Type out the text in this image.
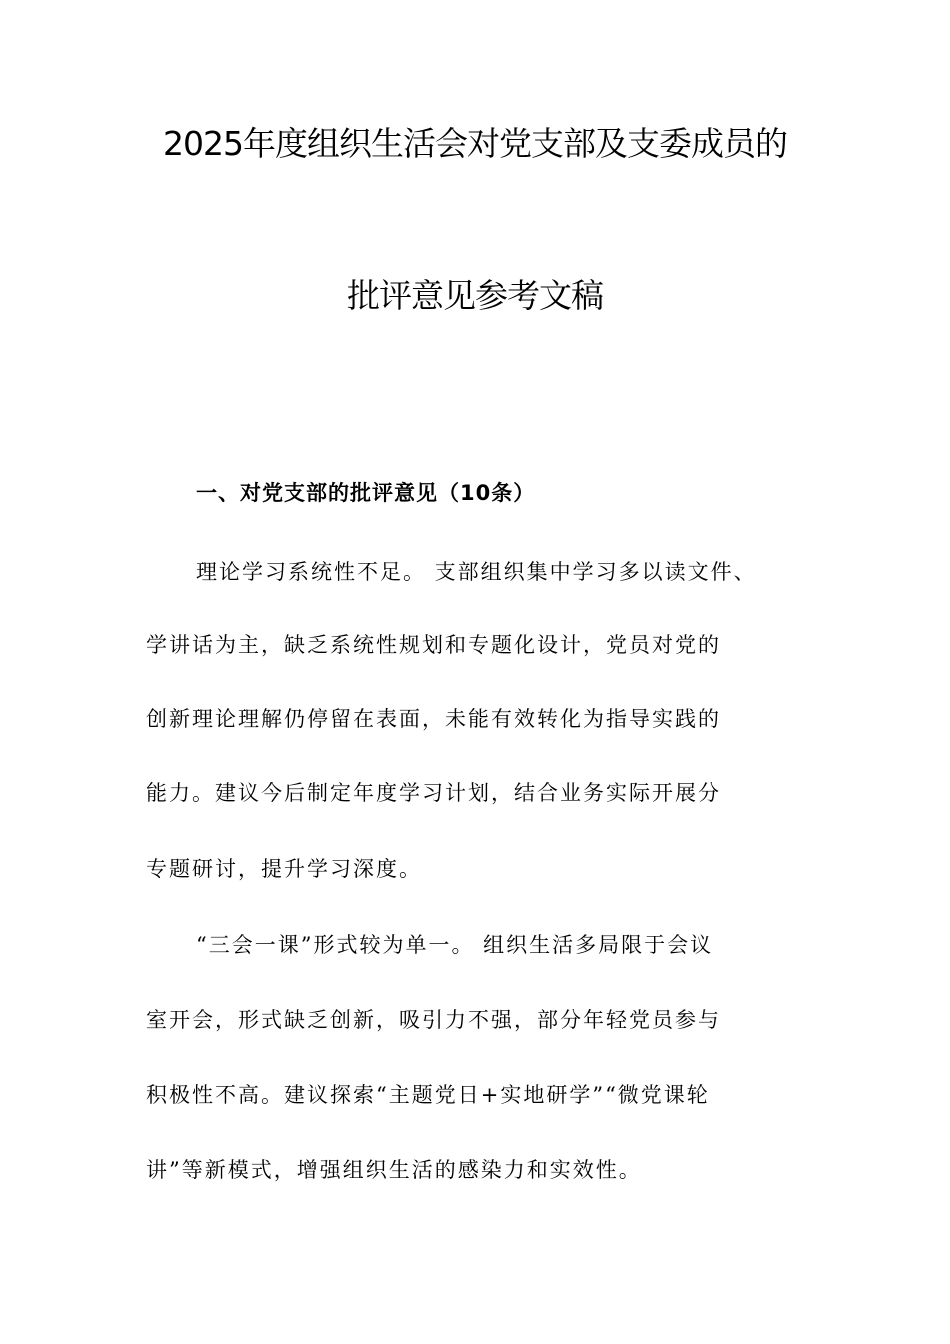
2025年度组织生活会对党支部及支委成员的
批评意见参考文稿
一、对党支部的批评意见（10条）
理论学习系统性不足。 支部组织集中学习多以读文件、
学讲话为主，缺乏系统性规划和专题化设计，党员对党的
创新理论理解仍停留在表面，未能有效转化为指导实践的
能力。建议今后制定年度学习计划，结合业务实际开展分
专题研讨，提升学习深度。
“三会一课”形式较为单一。 组织生活多局限于会议
室开会，形式缺乏创新，吸引力不强，部分年轻党员参与
积极性不高。建议探索“主题党日+实地研学”“微党课轮
讲”等新模式，增强组织生活的感染力和实效性。
